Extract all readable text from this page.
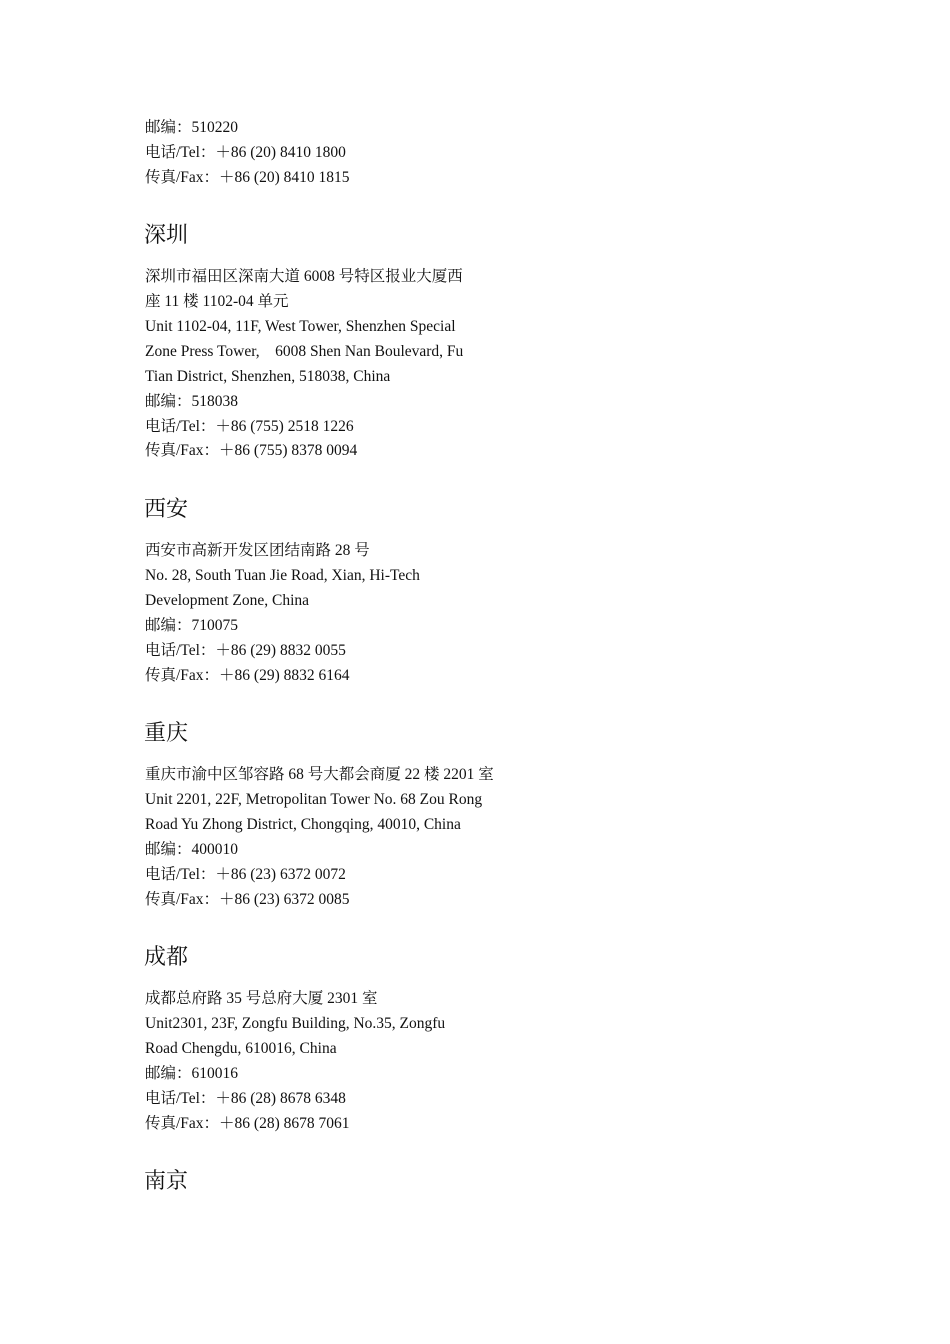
邮编：510220
电话/Tel：＋86 (20) 8410 1800
传真/Fax：＋86 (20) 8410 1815
深圳
深圳市福田区深南大道 6008 号特区报业大厦西
座 11 楼 1102-04 单元
Unit 1102-04, 11F, West Tower, Shenzhen Special
Zone Press Tower,    6008 Shen Nan Boulevard, Fu
Tian District, Shenzhen, 518038, China
邮编：518038
电话/Tel：＋86 (755) 2518 1226
传真/Fax：＋86 (755) 8378 0094
西安
西安市高新开发区团结南路 28 号
No. 28, South Tuan Jie Road, Xian, Hi-Tech
Development Zone, China
邮编：710075
电话/Tel：＋86 (29) 8832 0055
传真/Fax：＋86 (29) 8832 6164
重庆
重庆市渝中区邹容路 68 号大都会商厦 22 楼 2201 室
Unit 2201, 22F, Metropolitan Tower No. 68 Zou Rong
Road Yu Zhong District, Chongqing, 40010, China
邮编：400010
电话/Tel：＋86 (23) 6372 0072
传真/Fax：＋86 (23) 6372 0085
成都
成都总府路 35 号总府大厦 2301 室
Unit2301, 23F, Zongfu Building, No.35, Zongfu
Road Chengdu, 610016, China
邮编：610016
电话/Tel：＋86 (28) 8678 6348
传真/Fax：＋86 (28) 8678 7061
南京
